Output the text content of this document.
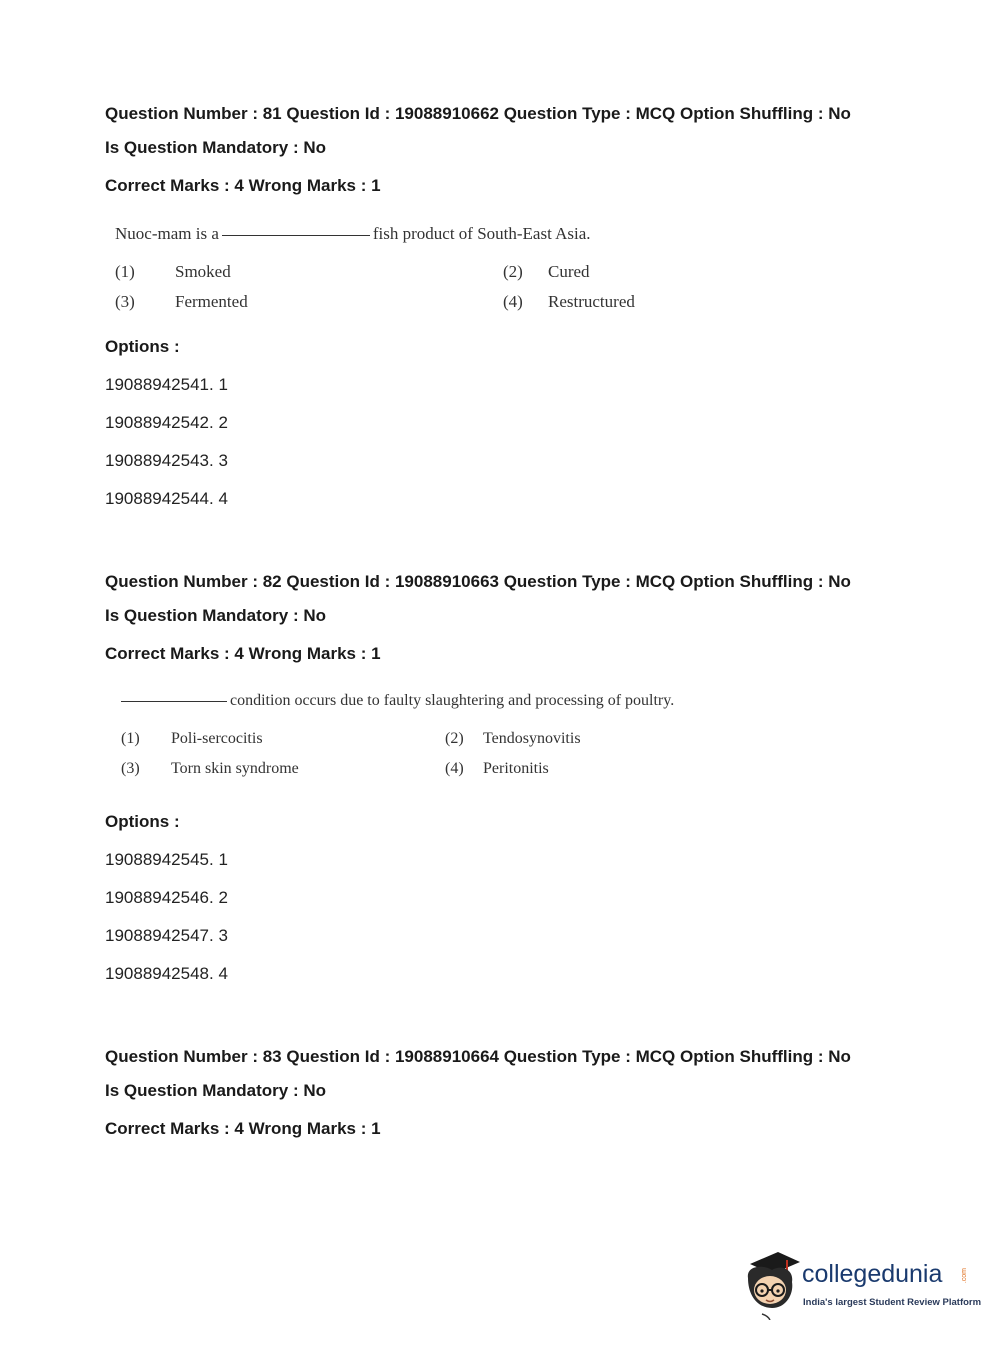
Question Number : 81 Question Id : 19088910662 Question Type : MCQ Option Shuffling : No
Is Question Mandatory : No
Correct Marks : 4 Wrong Marks : 1
Nuoc-mam is a	fish product of South-East Asia.
(1) Smoked	(2) Cured
(3) Fermented	(4) Restructured
Options :
19088942541. 1
19088942542. 2
19088942543. 3
19088942544. 4
Question Number : 82 Question Id : 19088910663 Question Type : MCQ Option Shuffling : No
Is Question Mandatory : No
Correct Marks : 4 Wrong Marks : 1
condition occurs due to faulty slaughtering and processing of poultry.
(1) Poli-sercocitis	(2) Tendosynovitis
(3) Torn skin syndrome	(4) Peritonitis
Options :
19088942545. 1
19088942546. 2
19088942547. 3
19088942548. 4
Question Number : 83 Question Id : 19088910664 Question Type : MCQ Option Shuffling : No
Is Question Mandatory : No
Correct Marks : 4 Wrong Marks : 1
collegedunia	.com
India's largest Student Review Platform
